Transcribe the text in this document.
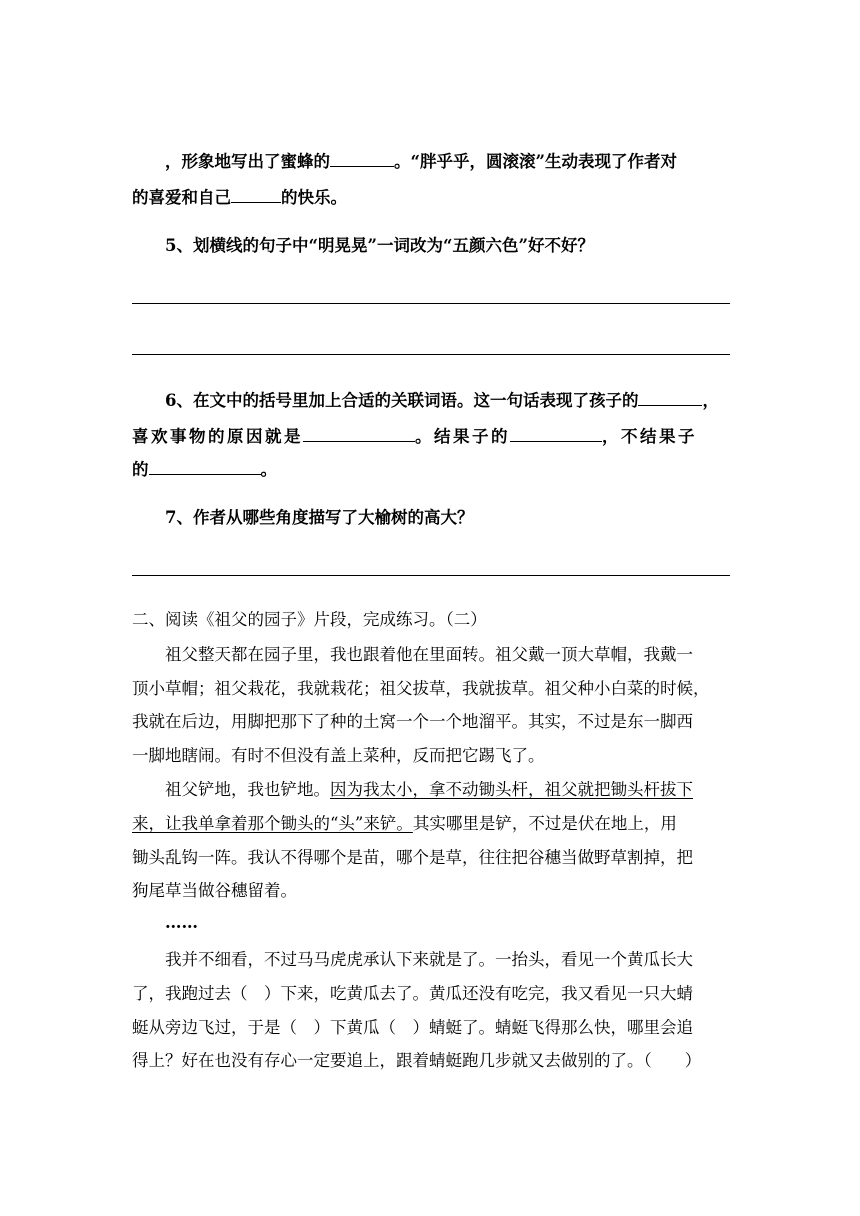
，形象地写出了蜜蜂的	。“胖乎乎，圆滚滚”生动表现了作者对
的喜爱和自己	的快乐。
5、划横线的句子中“明晃晃”一词改为“五颜六色”好不好？
6、在文中的括号里加上合适的关联词语。这一句话表现了孩子的	，
喜欢事物的原因就是	。结果子的	，不结果子
的	。
7、作者从哪些角度描写了大榆树的高大？
二、阅读《祖父的园子》片段，完成练习。（二）
祖父整天都在园子里，我也跟着他在里面转。祖父戴一顶大草帽，我戴一
顶小草帽；祖父栽花，我就栽花；祖父拔草，我就拔草。祖父种小白菜的时候，
我就在后边，用脚把那下了种的土窝一个一个地溜平。其实，不过是东一脚西
一脚地瞎闹。有时不但没有盖上菜种，反而把它踢飞了。
祖父铲地，我也铲地。因为我太小，拿不动锄头杆，祖父就把锄头杆拔下
来，让我单拿着那个锄头的“头”来铲。其实哪里是铲，不过是伏在地上，用
锄头乱钩一阵。我认不得哪个是苗，哪个是草，往往把谷穗当做野草割掉，把
狗尾草当做谷穗留着。
……
我并不细看，不过马马虎虎承认下来就是了。一抬头，看见一个黄瓜长大
了，我跑过去（　）下来，吃黄瓜去了。黄瓜还没有吃完，我又看见一只大蜻
蜓从旁边飞过，于是（　）下黄瓜（　）蜻蜓了。蜻蜓飞得那么快，哪里会追
得上？好在也没有存心一定要追上，跟着蜻蜓跑几步就又去做别的了。（　　）
